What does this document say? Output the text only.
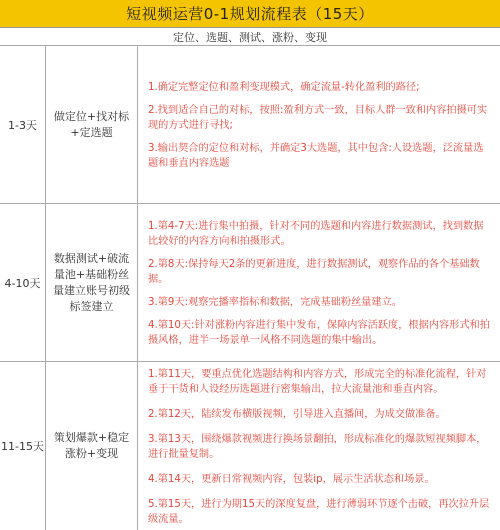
短视频运营0-1规划流程表（15天）
定位、选题、测试、涨粉、变现
1-3天
做定位+找对标+定选题
1.确定完整定位和盈利变现模式，确定流量-转化盈利的路径;
2.找到适合自己的对标，按照:盈利方式一致，目标人群一致和内容拍摄可实现的方式进行寻找;
3.输出契合的定位和对标，并确定3大选题，其中包含:人设选题，泛流量选题和垂直内容选题
4-10天
数据测试+破流量池+基础粉丝量建立账号初级标签建立
1.第4-7天:进行集中拍摄，针对不同的选题和内容进行数据测试，找到数据比较好的内容方向和拍摄形式。
2.第8天:保持每天2条的更新进度，进行数据测试，观察作品的各个基础数据。
3.第9天:观察完播率指标和数据，完成基础粉丝量建立。
4.第10天:针对涨粉内容进行集中发布，保障内容活跃度，根据内容形式和拍摄风格，进半一场景单一风格不同选题的集中输出。
11-15天
策划爆款+稳定涨粉+变现
1.第11天，要重点优化选题结构和内容方式，形成完全的标准化流程，针对垂于干货和人设经历选题进行密集输出，拉大流量池和垂直内容。
2.第12天，陆续发布横版视频，引导进入直播间，为成交做准备。
3.第13天，围绕爆款视频进行换场景翻拍，形成标准化的爆款短视频脚本，进行批量复制。
4.第14天，更新日常视频内容，包装ip，展示生活状态和场景。
5.第15天，进行为期15天的深度复盘，进行薄弱环节逐个击破，再次拉升层级流量。
